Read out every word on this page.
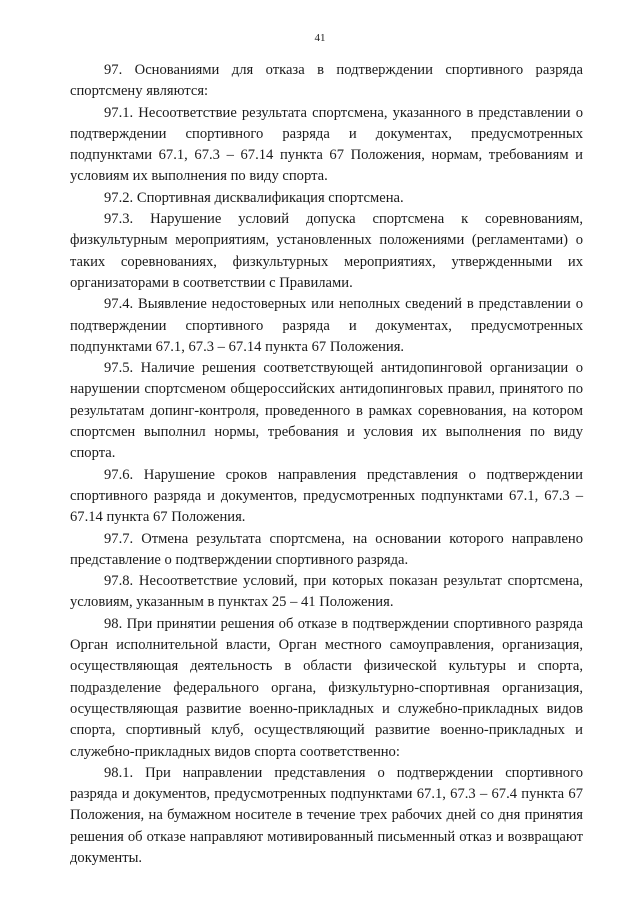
41

97. Основаниями для отказа в подтверждении спортивного разряда спортсмену являются:

97.1. Несоответствие результата спортсмена, указанного в представлении о подтверждении спортивного разряда и документах, предусмотренных подпунктами 67.1, 67.3 – 67.14 пункта 67 Положения, нормам, требованиям и условиям их выполнения по виду спорта.

97.2. Спортивная дисквалификация спортсмена.

97.3. Нарушение условий допуска спортсмена к соревнованиям, физкультурным мероприятиям, установленных положениями (регламентами) о таких соревнованиях, физкультурных мероприятиях, утвержденными их организаторами в соответствии с Правилами.

97.4. Выявление недостоверных или неполных сведений в представлении о подтверждении спортивного разряда и документах, предусмотренных подпунктами 67.1, 67.3 – 67.14 пункта 67 Положения.

97.5. Наличие решения соответствующей антидопинговой организации о нарушении спортсменом общероссийских антидопинговых правил, принятого по результатам допинг-контроля, проведенного в рамках соревнования, на котором спортсмен выполнил нормы, требования и условия их выполнения по виду спорта.

97.6. Нарушение сроков направления представления о подтверждении спортивного разряда и документов, предусмотренных подпунктами 67.1, 67.3 – 67.14 пункта 67 Положения.

97.7. Отмена результата спортсмена, на основании которого направлено представление о подтверждении спортивного разряда.

97.8. Несоответствие условий, при которых показан результат спортсмена, условиям, указанным в пунктах 25 – 41 Положения.

98. При принятии решения об отказе в подтверждении спортивного разряда Орган исполнительной власти, Орган местного самоуправления, организация, осуществляющая деятельность в области физической культуры и спорта, подразделение федерального органа, физкультурно-спортивная организация, осуществляющая развитие военно-прикладных и служебно-прикладных видов спорта, спортивный клуб, осуществляющий развитие военно-прикладных и служебно-прикладных видов спорта соответственно:

98.1. При направлении представления о подтверждении спортивного разряда и документов, предусмотренных подпунктами 67.1, 67.3 – 67.4 пункта 67 Положения, на бумажном носителе в течение трех рабочих дней со дня принятия решения об отказе направляют мотивированный письменный отказ и возвращают документы.
